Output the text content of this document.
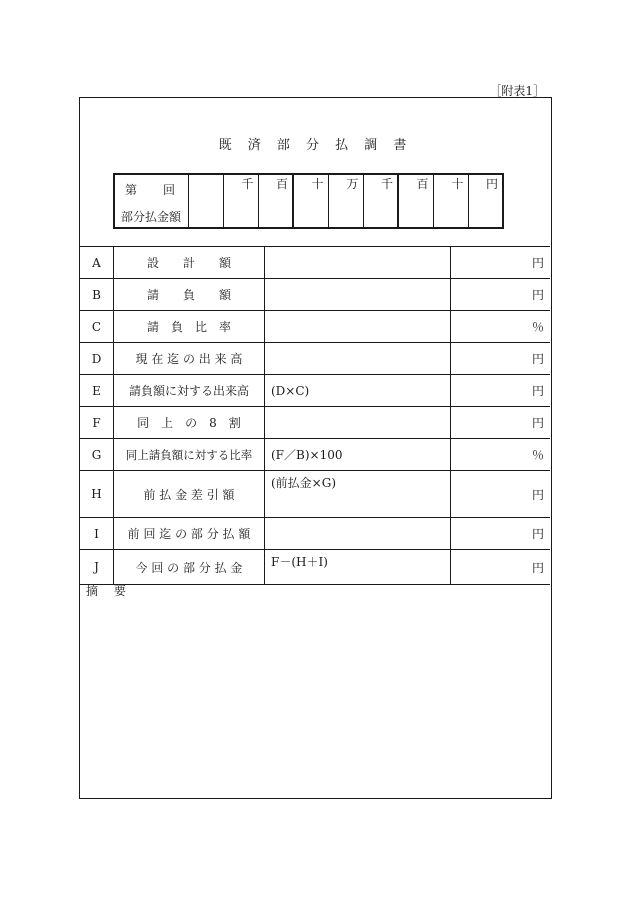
［附表1］
既 済 部 分 払 調 書
第 回
部分払金額
		千	百	十	万	千	百	十	円
A	設　　計　　額		円
B	請　　負　　額		円
C	請　負　比　率		％
D	現 在 迄 の 出 来 高		円
E	請負額に対する出来高	(D×C)	円
F	同　上　の　8　割		円
G	同上請負額に対する比率	(F／B)×100	％
H	前 払 金 差 引 額	(前払金×G)	円
I	前 回 迄 の 部 分 払 額		円
J	今 回 の 部 分 払 金	F－(H＋I)	円
摘 要
